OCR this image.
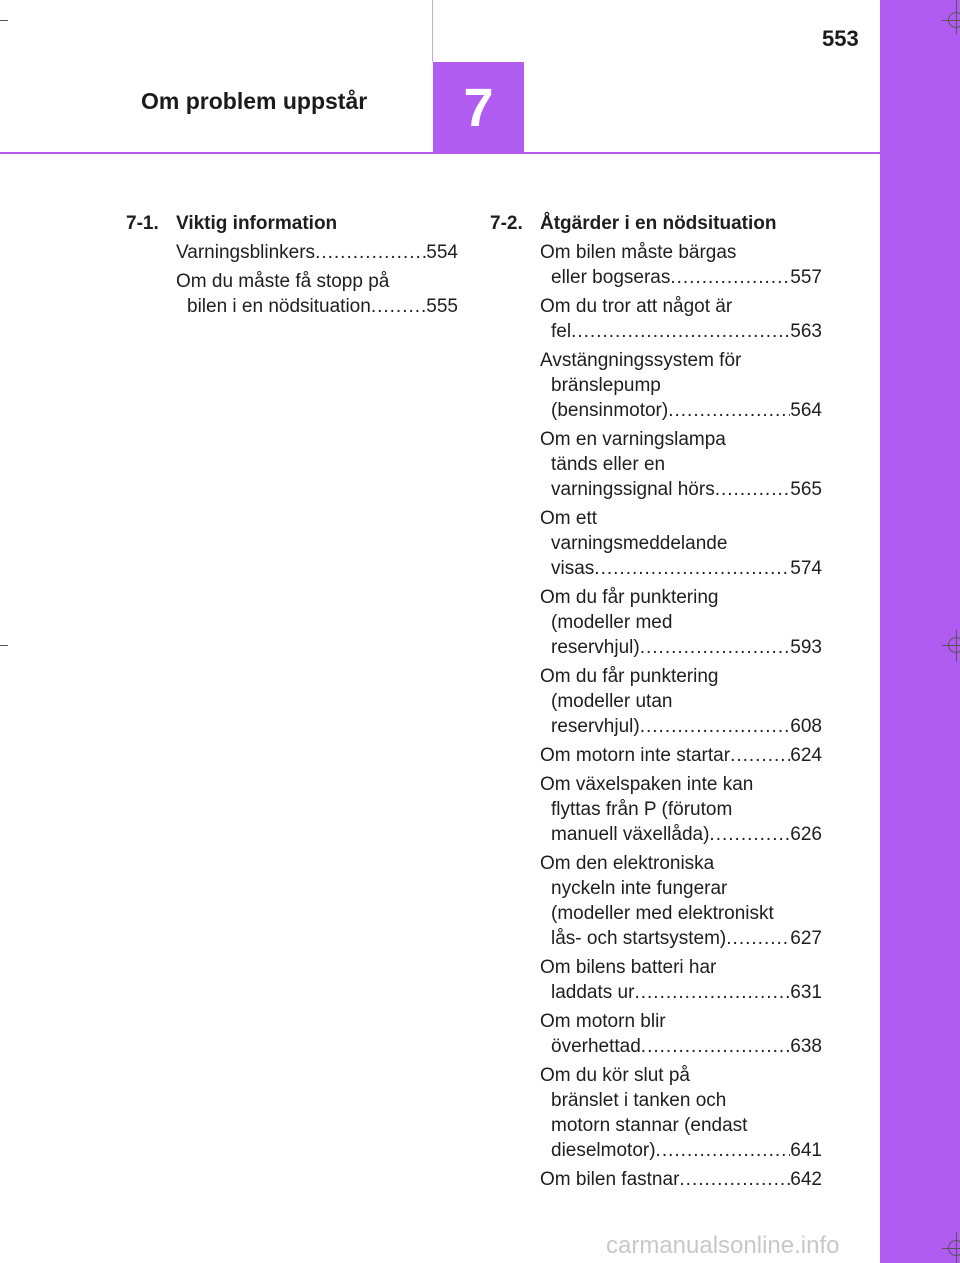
7
Om problem uppstår
553
7-1. Viktig information
Varningsblinkers .....	554
Om du måste få stopp på
bilen i en nödsituation .....	555
7-2. Åtgärder i en nödsituation
Om bilen måste bärgas
eller bogseras .....	557
Om du tror att något är
fel .....	563
Avstängningssystem för
bränslepump
(bensinmotor) .....	564
Om en varningslampa
tänds eller en
varningssignal hörs .....	565
Om ett
varningsmeddelande
visas .....	574
Om du får punktering
(modeller med
reservhjul) .....	593
Om du får punktering
(modeller utan
reservhjul) .....	608
Om motorn inte startar .....	624
Om växelspaken inte kan
flyttas från P (förutom
manuell växellåda) .....	626
Om den elektroniska
nyckeln inte fungerar
(modeller med elektroniskt
lås- och startsystem) .....	627
Om bilens batteri har
laddats ur .....	631
Om motorn blir
överhettad .....	638
Om du kör slut på
bränslet i tanken och
motorn stannar (endast
dieselmotor) .....	641
Om bilen fastnar .....	642
carmanualsonline.info
